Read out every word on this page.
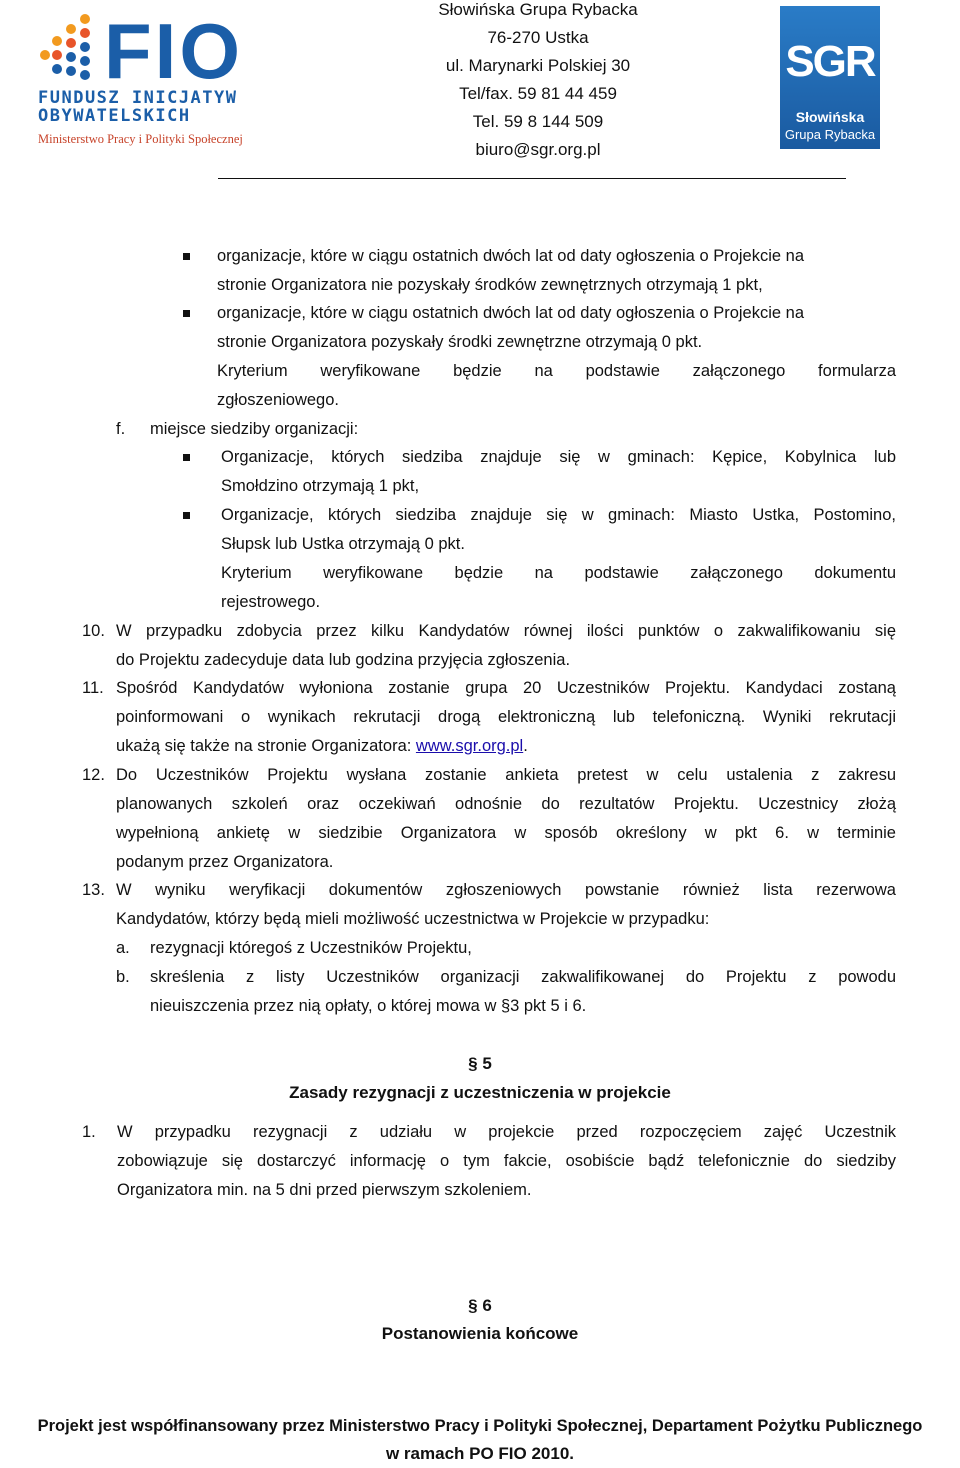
FIO
FUNDUSZ INICJATYW
OBYWATELSKICH
Ministerstwo Pracy i Polityki Społecznej
Słowińska Grupa Rybacka
76-270 Ustka
ul. Marynarki Polskiej 30
Tel/fax. 59 81 44 459
Tel. 59 8 144 509
biuro@sgr.org.pl
SGR
Słowińska
Grupa Rybacka
organizacje, które w ciągu ostatnich dwóch lat od daty ogłoszenia o Projekcie na
stronie Organizatora nie pozyskały środków zewnętrznych otrzymają 1 pkt,
organizacje, które w ciągu ostatnich dwóch lat od daty ogłoszenia o Projekcie na
stronie Organizatora pozyskały środki zewnętrzne otrzymają 0 pkt.
Kryterium weryfikowane będzie na podstawie załączonego formularza
zgłoszeniowego.
f. miejsce siedziby organizacji:
Organizacje, których siedziba znajduje się w gminach: Kępice, Kobylnica lub
Smołdzino otrzymają 1 pkt,
Organizacje, których siedziba znajduje się w gminach: Miasto Ustka, Postomino,
Słupsk lub Ustka otrzymają 0 pkt.
Kryterium weryfikowane będzie na podstawie załączonego dokumentu
rejestrowego.
10. W przypadku zdobycia przez kilku Kandydatów równej ilości punktów o zakwalifikowaniu się
do Projektu zadecyduje data lub godzina przyjęcia zgłoszenia.
11. Spośród Kandydatów wyłoniona zostanie grupa 20 Uczestników Projektu. Kandydaci zostaną
poinformowani o wynikach rekrutacji drogą elektroniczną lub telefoniczną. Wyniki rekrutacji
ukażą się także na stronie Organizatora: www.sgr.org.pl.
12. Do Uczestników Projektu wysłana zostanie ankieta pretest w celu ustalenia z zakresu
planowanych szkoleń oraz oczekiwań odnośnie do rezultatów Projektu. Uczestnicy złożą
wypełnioną ankietę w siedzibie Organizatora w sposób określony w pkt 6. w terminie
podanym przez Organizatora.
13. W wyniku weryfikacji dokumentów zgłoszeniowych powstanie również lista rezerwowa
Kandydatów, którzy będą mieli możliwość uczestnictwa w Projekcie w przypadku:
a. rezygnacji któregoś z Uczestników Projektu,
b. skreślenia z listy Uczestników organizacji zakwalifikowanej do Projektu z powodu
nieuiszczenia przez nią opłaty, o której mowa w §3 pkt 5 i 6.
§ 5
Zasady rezygnacji z uczestniczenia w projekcie
1. W przypadku rezygnacji z udziału w projekcie przed rozpoczęciem zajęć Uczestnik
zobowiązuje się dostarczyć informację o tym fakcie, osobiście bądź telefonicznie do siedziby
Organizatora min. na 5 dni przed pierwszym szkoleniem.
§ 6
Postanowienia końcowe
Projekt jest współfinansowany przez Ministerstwo Pracy i Polityki Społecznej, Departament Pożytku Publicznego
w ramach PO FIO 2010.
